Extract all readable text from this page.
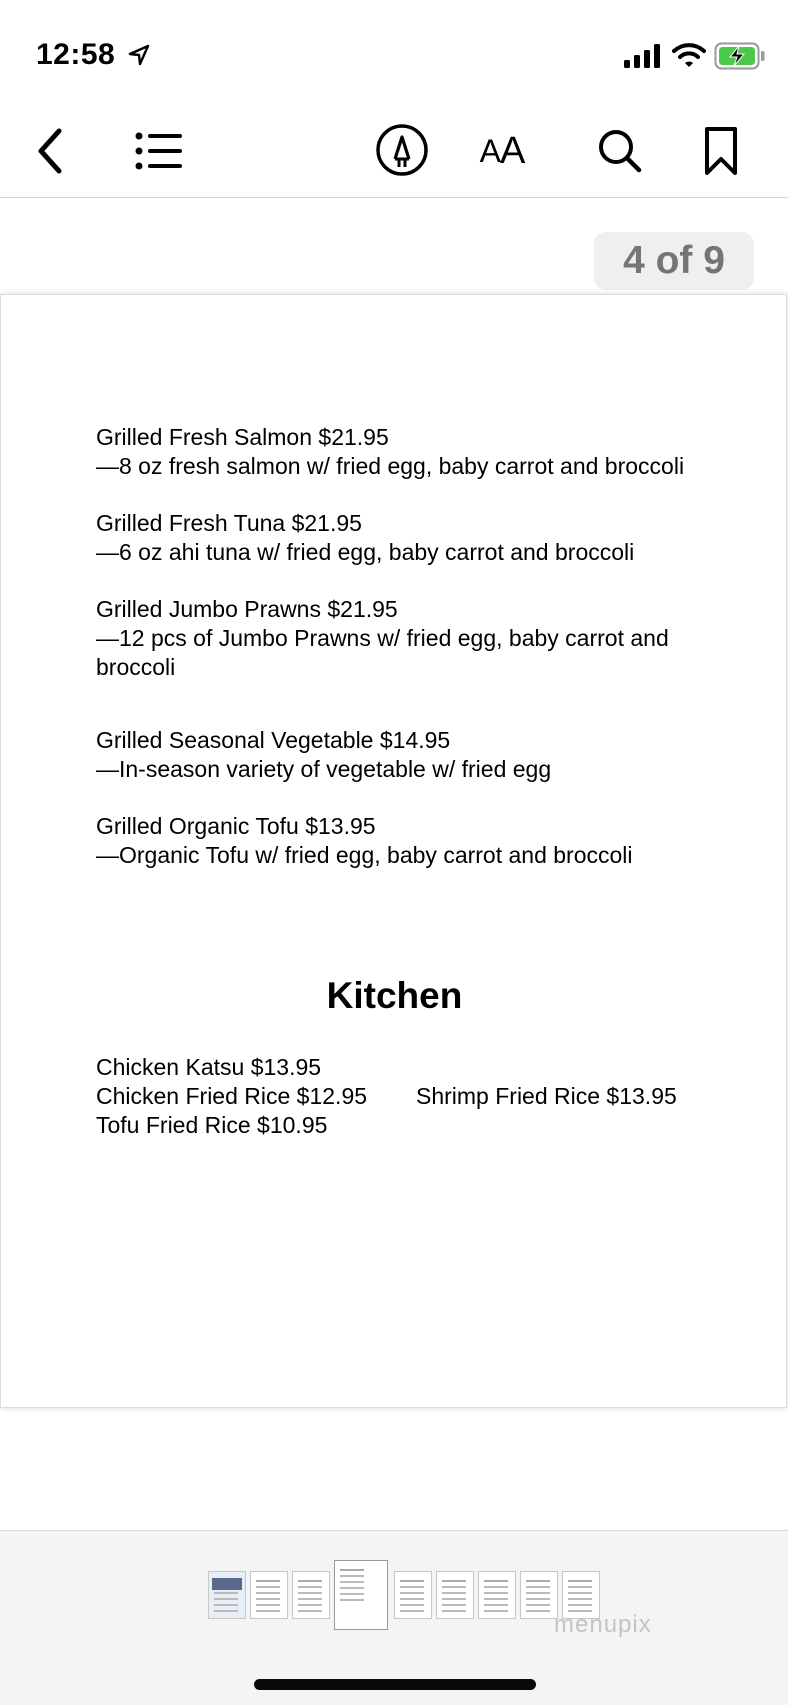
12:58
A A
4 of 9
Grilled Fresh Salmon $21.95
—8 oz fresh salmon w/ fried egg, baby carrot and broccoli
Grilled Fresh Tuna $21.95
—6 oz ahi tuna w/ fried egg, baby carrot and broccoli
Grilled Jumbo Prawns $21.95
—12 pcs of Jumbo Prawns w/ fried egg, baby carrot and broccoli
Grilled Seasonal Vegetable $14.95
—In-season variety of vegetable w/ fried egg
Grilled Organic Tofu $13.95
—Organic Tofu w/ fried egg, baby carrot and broccoli
Kitchen
Chicken Katsu $13.95
Chicken Fried Rice $12.95
Tofu Fried Rice $10.95
Shrimp Fried Rice $13.95
menupix
